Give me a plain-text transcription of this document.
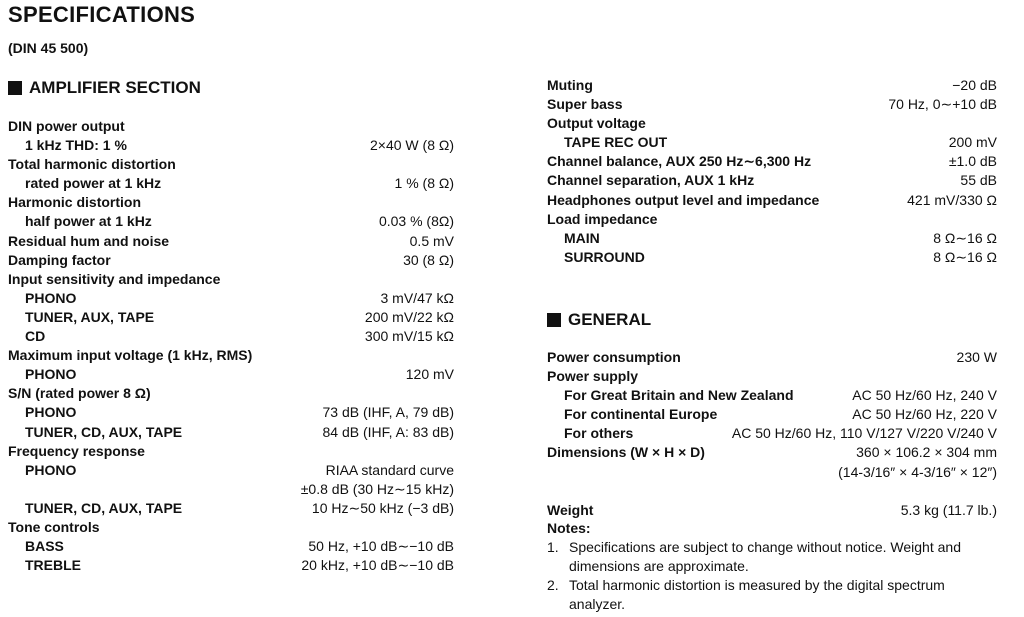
SPECIFICATIONS
(DIN 45 500)
AMPLIFIER SECTION
DIN power output
1 kHz THD: 1 %	2×40 W (8 Ω)
Total harmonic distortion
rated power at 1 kHz	1 % (8 Ω)
Harmonic distortion
half power at 1 kHz	0.03 % (8Ω)
Residual hum and noise	0.5 mV
Damping factor	30 (8 Ω)
Input sensitivity and impedance
PHONO	3 mV/47 kΩ
TUNER, AUX, TAPE	200 mV/22 kΩ
CD	300 mV/15 kΩ
Maximum input voltage (1 kHz, RMS)
PHONO	120 mV
S/N (rated power 8 Ω)
PHONO	73 dB (IHF, A, 79 dB)
TUNER, CD, AUX, TAPE	84 dB (IHF, A: 83 dB)
Frequency response
PHONO	RIAA standard curve
±0.8 dB (30 Hz∼15 kHz)
TUNER, CD, AUX, TAPE	10 Hz∼50 kHz (−3 dB)
Tone controls
BASS	50 Hz, +10 dB∼−10 dB
TREBLE	20 kHz, +10 dB∼−10 dB
Muting	−20 dB
Super bass	70 Hz, 0∼+10 dB
Output voltage
TAPE REC OUT	200 mV
Channel balance, AUX 250 Hz∼6,300 Hz	±1.0 dB
Channel separation, AUX 1 kHz	55 dB
Headphones output level and impedance	421 mV/330 Ω
Load impedance
MAIN	8 Ω∼16 Ω
SURROUND	8 Ω∼16 Ω
GENERAL
Power consumption	230 W
Power supply
For Great Britain and New Zealand	AC 50 Hz/60 Hz, 240 V
For continental Europe	AC 50 Hz/60 Hz, 220 V
For others	AC 50 Hz/60 Hz, 110 V/127 V/220 V/240 V
Dimensions (W × H × D)	360 × 106.2 × 304 mm
(14-3/16″ × 4-3/16″ × 12″)
Weight	5.3 kg (11.7 lb.)
Notes:
1. Specifications are subject to change without notice. Weight and dimensions are approximate.
2. Total harmonic distortion is measured by the digital spectrum analyzer.
